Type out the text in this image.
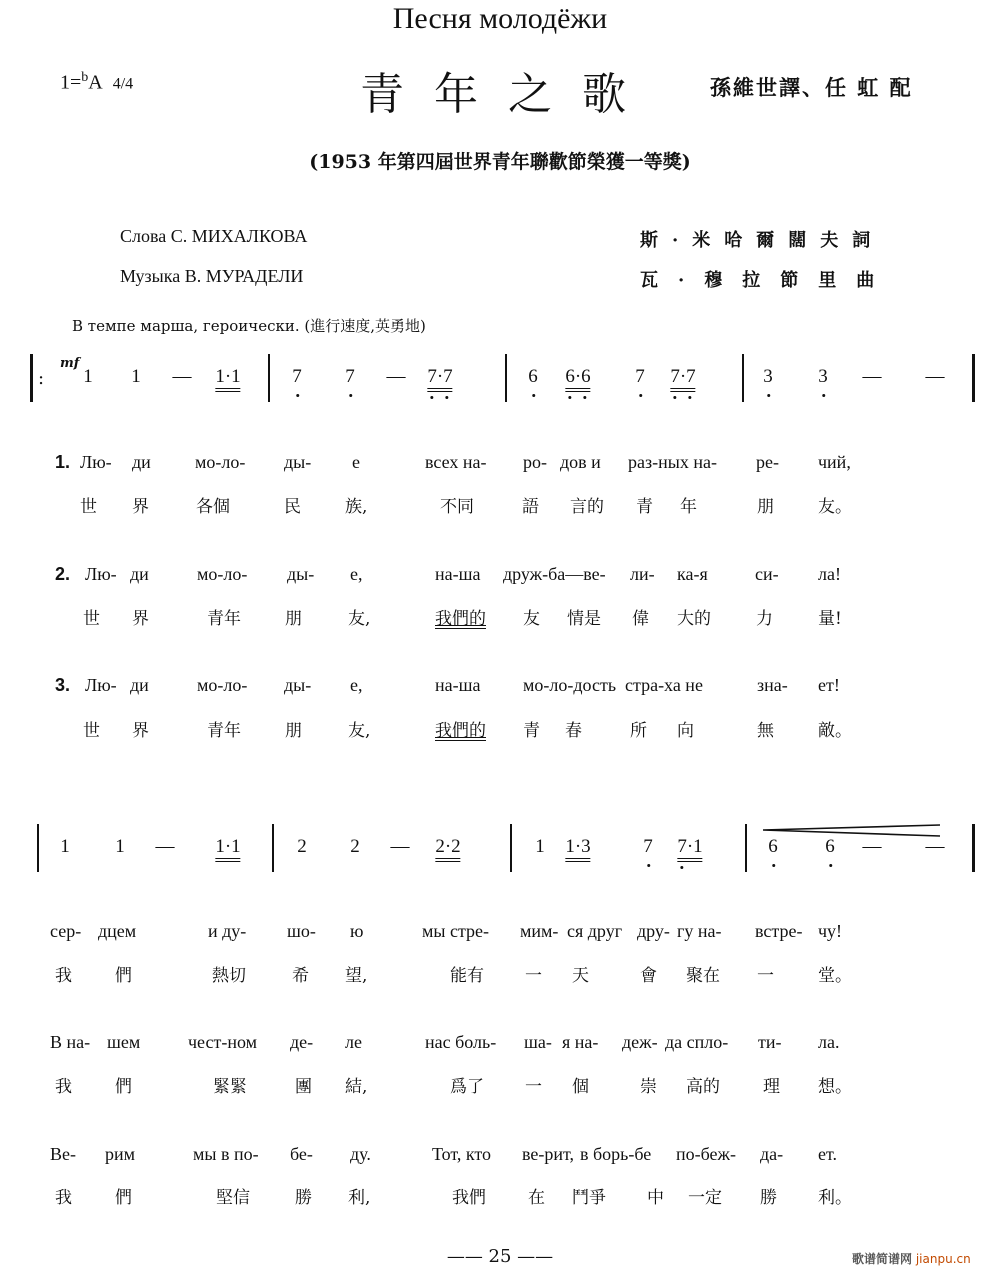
Песня молодёжи
1=$^b$A 4/4	青年之歌	孫維世譯、任 虹 配
(1953 年第四屆世界青年聯歡節榮獲一等獎)
Слова С. МИХАЛКОВА
Музыка В. МУРАДЕЛИ
斯·米哈爾闊夫詞
瓦·穆拉節里曲
В темпе марша, героически. (進行速度,英勇地)
:
mf
1 1 — 1·1	7 7 — 7·7	6 6·6 7 7·7	3 3 — —
1. Лю- ди мо-ло- ды- е	всех на- ро- дов и раз-ных на- ре- чий,
世 界	各個	民	族,	不同	語 言的 青 年	朋	友。
2. Лю- ди	мо-ло- ды- е,	на-ша друж-ба—ве- ли- ка-я	си- ла!
世 界	青年	朋	友,	我們的 友 情是 偉 大的	力	量!
3. Лю- ди	мо-ло- ды- е,	на-ша мо-ло-дость стра-ха не	зна- ет!
世 界	青年	朋	友,	我們的 青 春	所 向	無	敵。
1 1 — 1·1	2 2 — 2·2	1 1·3	7 7·1	6	6 — —
сер- дцем	и ду- шо- ю	мы стре- мим- ся друг дру- гу на- встре- чу!
我	們	熱切	希 望,	能有 一 天	會 聚在 一	堂。
В на- шем	чест-ном де- ле	нас боль- ша- я на- деж- да спло- ти- ла.
我	們	緊緊	團 結,	爲了 一 個	崇 高的	理 想。
Ве- рим	мы в по- бе- ду.	Тот, кто ве-рит, в борь-бе по-беж- да- ет.
我	們	堅信	勝 利,	我們 在 鬥爭 中 一定 勝 利。
—— 25 ——	歌谱简谱网 jianpu.cn
